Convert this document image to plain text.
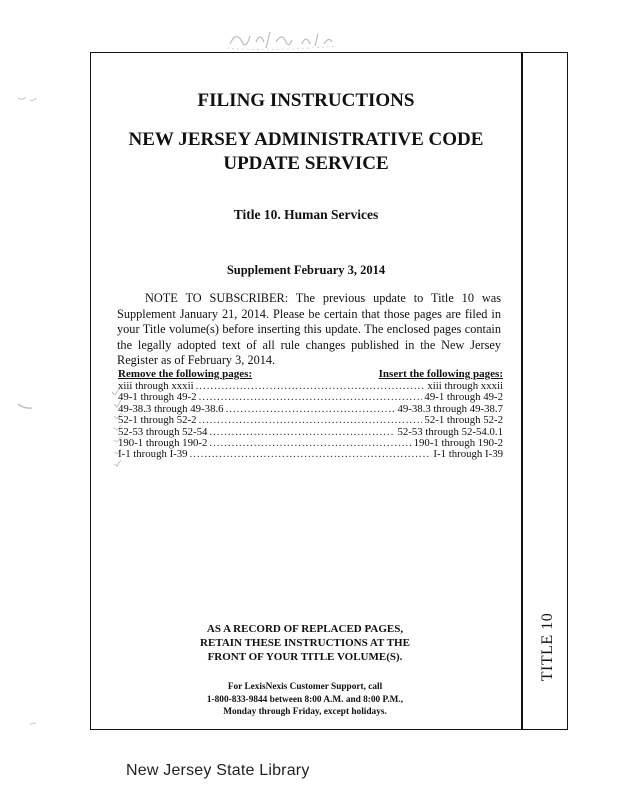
TITLE 10
FILING INSTRUCTIONS
NEW JERSEY ADMINISTRATIVE CODE
UPDATE SERVICE
Title 10. Human Services
Supplement February 3, 2014

NOTE TO SUBSCRIBER: The previous update to Title 10 was Supplement January 21, 2014. Please be certain that those pages are filed in your Title volume(s) before inserting this update. The enclosed pages contain the legally adopted text of all rule changes published in the New Jersey Register as of February 3, 2014.

Remove the following pages:	Insert the following pages:
xiii through xxxii .....	xiii through xxxii
49-1 through 49-2 .....	49-1 through 49-2
49-38.3 through 49-38.6 .....	49-38.3 through 49-38.7
52-1 through 52-2 .....	52-1 through 52-2
52-53 through 52-54 .....	52-53 through 52-54.0.1
190-1 through 190-2 .....	190-1 through 190-2
I-1 through I-39 .....	I-1 through I-39
AS A RECORD OF REPLACED PAGES,
RETAIN THESE INSTRUCTIONS AT THE
FRONT OF YOUR TITLE VOLUME(S).
For LexisNexis Customer Support, call
1-800-833-9844 between 8:00 A.M. and 8:00 P.M.,
Monday through Friday, except holidays.
New Jersey State Library
